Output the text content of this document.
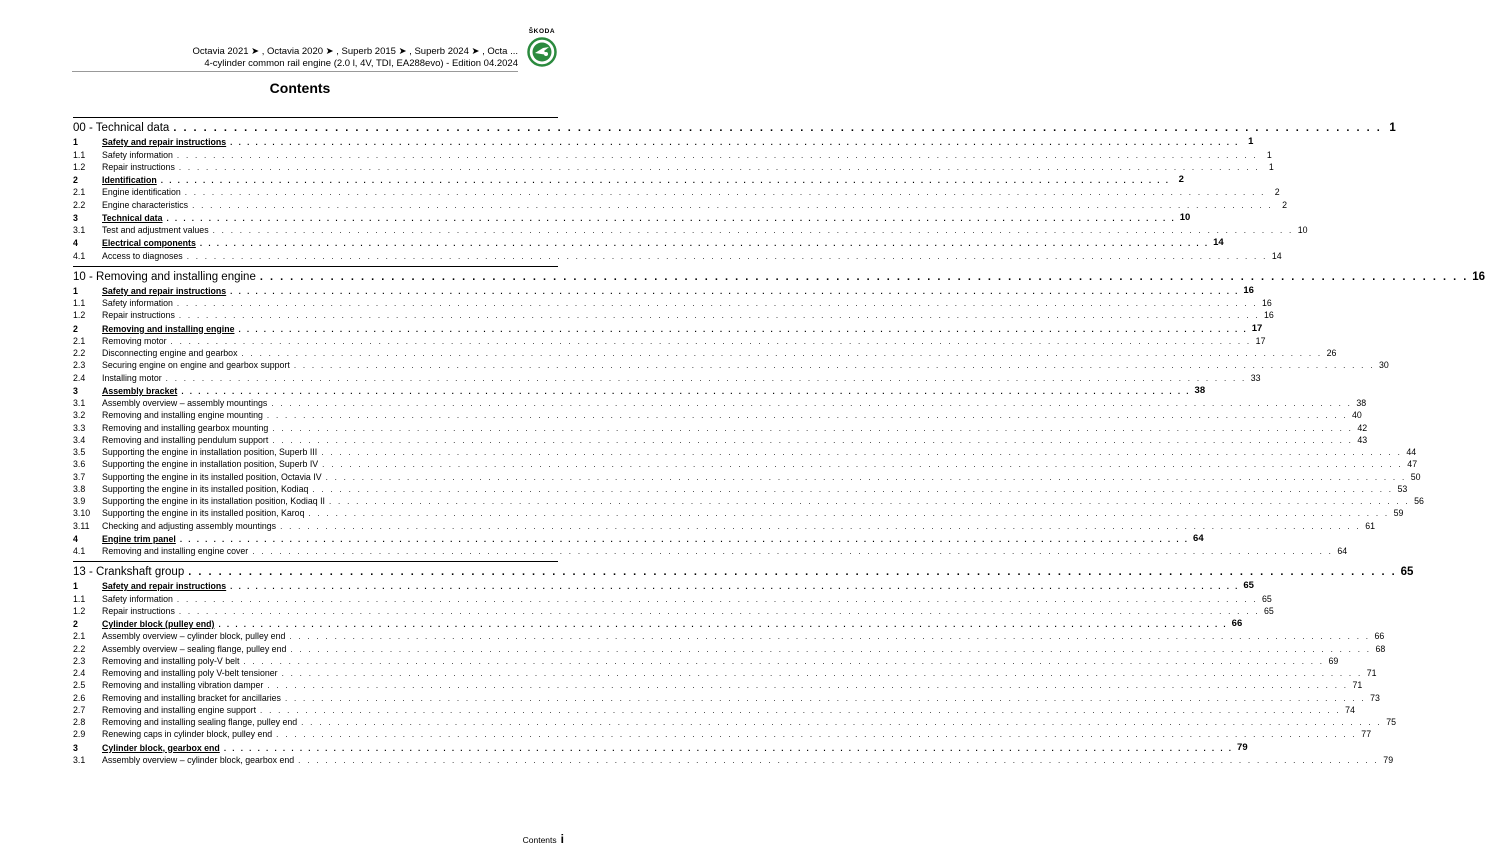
ŠKODA
Octavia 2021 ➤ , Octavia 2020 ➤ , Superb 2015 ➤ , Superb 2024 ➤ , Octa ...
4-cylinder common rail engine (2.0 l, 4V, TDI, EA288evo) - Edition 04.2024
Contents
00 - Technical data . . . . . . . . . . . . . . . . . . . . . . . . . . . . . . . . . . . . . . . . . . . . . . . . . . . . . . . . . . . . . . . . . . . . . . . . . . . . . . . . . . . . . . . . . . . . . . . . . . . . . . . . . . . . . . . . . . . . . . . . 1
1	Safety and repair instructions . . . . . . . . . . . . . . . . . . . . . . . . . . . . . . . . . . . . . . . . . . . . . . . . . . . . . . . . . . . . . . . . . . . . . . . . . . . . . . . . . . . . . . . . . . . . . . . . . . . . . . . . . . . . . . . . . . . . . . . . 1
1.1	Safety information . . . . . . . . . . . . . . . . . . . . . . . . . . . . . . . . . . . . . . . . . . . . . . . . . . . . . . . . . . . . . . . . . . . . . . . . . . . . . . . . . . . . . . . . . . . . . . . . . . . . . . . . . . . . . . . . . . . . . . . .	1
1.2	Repair instructions . . . . . . . . . . . . . . . . . . . . . . . . . . . . . . . . . . . . . . . . . . . . . . . . . . . . . . . . . . . . . . . . . . . . . . . . . . . . . . . . . . . . . . . . . . . . . . . . . . . . . . . . . . . . . . . . . . . . . . . .	1
2	Identification . . . . . . . . . . . . . . . . . . . . . . . . . . . . . . . . . . . . . . . . . . . . . . . . . . . . . . . . . . . . . . . . . . . . . . . . . . . . . . . . . . . . . . . . . . . . . . . . . . . . . . . . . . . . . . . . . . . . . . . . 2
2.1	Engine identification . . . . . . . . . . . . . . . . . . . . . . . . . . . . . . . . . . . . . . . . . . . . . . . . . . . . . . . . . . . . . . . . . . . . . . . . . . . . . . . . . . . . . . . . . . . . . . . . . . . . . . . . . . . . . . . . . . . . . . . .	2
2.2	Engine characteristics . . . . . . . . . . . . . . . . . . . . . . . . . . . . . . . . . . . . . . . . . . . . . . . . . . . . . . . . . . . . . . . . . . . . . . . . . . . . . . . . . . . . . . . . . . . . . . . . . . . . . . . . . . . . . . . . . . . . . . . .	2
3	Technical data . . . . . . . . . . . . . . . . . . . . . . . . . . . . . . . . . . . . . . . . . . . . . . . . . . . . . . . . . . . . . . . . . . . . . . . . . . . . . . . . . . . . . . . . . . . . . . . . . . . . . . . . . . . . . . . . . . . . . . . . 10
3.1	Test and adjustment values . . . . . . . . . . . . . . . . . . . . . . . . . . . . . . . . . . . . . . . . . . . . . . . . . . . . . . . . . . . . . . . . . . . . . . . . . . . . . . . . . . . . . . . . . . . . . . . . . . . . . . . . . . . . . . . . . . . . . . . . 10
4	Electrical components . . . . . . . . . . . . . . . . . . . . . . . . . . . . . . . . . . . . . . . . . . . . . . . . . . . . . . . . . . . . . . . . . . . . . . . . . . . . . . . . . . . . . . . . . . . . . . . . . . . . . . . . . . . . . . . . . . . . . . . . 14
4.1	Access to diagnoses . . . . . . . . . . . . . . . . . . . . . . . . . . . . . . . . . . . . . . . . . . . . . . . . . . . . . . . . . . . . . . . . . . . . . . . . . . . . . . . . . . . . . . . . . . . . . . . . . . . . . . . . . . . . . . . . . . . . . . . . 14
10 - Removing and installing engine . . . . . . . . . . . . . . . . . . . . . . . . . . . . . . . . . . . . . . . . . . . . . . . . . . . . . . . . . . . . . . . . . . . . . . . . . . . . . . . . . . . . . . . . . . . . . . . . . . . . . . . . . . . . . . . . . . . . . . . . 16
1	Safety and repair instructions . . . . . . . . . . . . . . . . . . . . . . . . . . . . . . . . . . . . . . . . . . . . . . . . . . . . . . . . . . . . . . . . . . . . . . . . . . . . . . . . . . . . . . . . . . . . . . . . . . . . . . . . . . . . . . . . . . . . . . . . 16
1.1	Safety information . . . . . . . . . . . . . . . . . . . . . . . . . . . . . . . . . . . . . . . . . . . . . . . . . . . . . . . . . . . . . . . . . . . . . . . . . . . . . . . . . . . . . . . . . . . . . . . . . . . . . . . . . . . . . . . . . . . . . . . . 16
1.2	Repair instructions . . . . . . . . . . . . . . . . . . . . . . . . . . . . . . . . . . . . . . . . . . . . . . . . . . . . . . . . . . . . . . . . . . . . . . . . . . . . . . . . . . . . . . . . . . . . . . . . . . . . . . . . . . . . . . . . . . . . . . . . 16
2	Removing and installing engine . . . . . . . . . . . . . . . . . . . . . . . . . . . . . . . . . . . . . . . . . . . . . . . . . . . . . . . . . . . . . . . . . . . . . . . . . . . . . . . . . . . . . . . . . . . . . . . . . . . . . . . . . . . . . . . . . . . . . . . . 17
2.1	Removing motor . . . . . . . . . . . . . . . . . . . . . . . . . . . . . . . . . . . . . . . . . . . . . . . . . . . . . . . . . . . . . . . . . . . . . . . . . . . . . . . . . . . . . . . . . . . . . . . . . . . . . . . . . . . . . . . . . . . . . . . . 17
2.2	Disconnecting engine and gearbox . . . . . . . . . . . . . . . . . . . . . . . . . . . . . . . . . . . . . . . . . . . . . . . . . . . . . . . . . . . . . . . . . . . . . . . . . . . . . . . . . . . . . . . . . . . . . . . . . . . . . . . . . . . . . . . . . . . . . . . . 26
2.3	Securing engine on engine and gearbox support . . . . . . . . . . . . . . . . . . . . . . . . . . . . . . . . . . . . . . . . . . . . . . . . . . . . . . . . . . . . . . . . . . . . . . . . . . . . . . . . . . . . . . . . . . . . . . . . . . . . . . . . . . . . . . . . . . . . . . . . 30
2.4	Installing motor . . . . . . . . . . . . . . . . . . . . . . . . . . . . . . . . . . . . . . . . . . . . . . . . . . . . . . . . . . . . . . . . . . . . . . . . . . . . . . . . . . . . . . . . . . . . . . . . . . . . . . . . . . . . . . . . . . . . . . . . 33
3	Assembly bracket . . . . . . . . . . . . . . . . . . . . . . . . . . . . . . . . . . . . . . . . . . . . . . . . . . . . . . . . . . . . . . . . . . . . . . . . . . . . . . . . . . . . . . . . . . . . . . . . . . . . . . . . . . . . . . . . . . . . . . . . 38
3.1	Assembly overview – assembly mountings . . . . . . . . . . . . . . . . . . . . . . . . . . . . . . . . . . . . . . . . . . . . . . . . . . . . . . . . . . . . . . . . . . . . . . . . . . . . . . . . . . . . . . . . . . . . . . . . . . . . . . . . . . . . . . . . . . . . . . . . 38
3.2	Removing and installing engine mounting . . . . . . . . . . . . . . . . . . . . . . . . . . . . . . . . . . . . . . . . . . . . . . . . . . . . . . . . . . . . . . . . . . . . . . . . . . . . . . . . . . . . . . . . . . . . . . . . . . . . . . . . . . . . . . . . . . . . . . . . 40
3.3	Removing and installing gearbox mounting . . . . . . . . . . . . . . . . . . . . . . . . . . . . . . . . . . . . . . . . . . . . . . . . . . . . . . . . . . . . . . . . . . . . . . . . . . . . . . . . . . . . . . . . . . . . . . . . . . . . . . . . . . . . . . . . . . . . . . . . 42
3.4	Removing and installing pendulum support . . . . . . . . . . . . . . . . . . . . . . . . . . . . . . . . . . . . . . . . . . . . . . . . . . . . . . . . . . . . . . . . . . . . . . . . . . . . . . . . . . . . . . . . . . . . . . . . . . . . . . . . . . . . . . . . . . . . . . . . 43
3.5	Supporting the engine in installation position, Superb III . . . . . . . . . . . . . . . . . . . . . . . . . . . . . . . . . . . . . . . . . . . . . . . . . . . . . . . . . . . . . . . . . . . . . . . . . . . . . . . . . . . . . . . . . . . . . . . . . . . . . . . . . . . . . . . . . . . . . . . . 44
3.6	Supporting the engine in installation position, Superb IV . . . . . . . . . . . . . . . . . . . . . . . . . . . . . . . . . . . . . . . . . . . . . . . . . . . . . . . . . . . . . . . . . . . . . . . . . . . . . . . . . . . . . . . . . . . . . . . . . . . . . . . . . . . . . . . . . . . . . . . . 47
3.7	Supporting the engine in its installed position, Octavia IV . . . . . . . . . . . . . . . . . . . . . . . . . . . . . . . . . . . . . . . . . . . . . . . . . . . . . . . . . . . . . . . . . . . . . . . . . . . . . . . . . . . . . . . . . . . . . . . . . . . . . . . . . . . . . . . . . . . . . . . . 50
3.8	Supporting the engine in its installed position, Kodiaq . . . . . . . . . . . . . . . . . . . . . . . . . . . . . . . . . . . . . . . . . . . . . . . . . . . . . . . . . . . . . . . . . . . . . . . . . . . . . . . . . . . . . . . . . . . . . . . . . . . . . . . . . . . . . . . . . . . . . . . . 53
3.9	Supporting the engine in its installation position, Kodiaq II . . . . . . . . . . . . . . . . . . . . . . . . . . . . . . . . . . . . . . . . . . . . . . . . . . . . . . . . . . . . . . . . . . . . . . . . . . . . . . . . . . . . . . . . . . . . . . . . . . . . . . . . . . . . . . . . . . . . . . . . 56
3.10	Supporting the engine in its installed position, Karoq . . . . . . . . . . . . . . . . . . . . . . . . . . . . . . . . . . . . . . . . . . . . . . . . . . . . . . . . . . . . . . . . . . . . . . . . . . . . . . . . . . . . . . . . . . . . . . . . . . . . . . . . . . . . . . . . . . . . . . . . 59
3.11	Checking and adjusting assembly mountings . . . . . . . . . . . . . . . . . . . . . . . . . . . . . . . . . . . . . . . . . . . . . . . . . . . . . . . . . . . . . . . . . . . . . . . . . . . . . . . . . . . . . . . . . . . . . . . . . . . . . . . . . . . . . . . . . . . . . . . . 61
4	Engine trim panel . . . . . . . . . . . . . . . . . . . . . . . . . . . . . . . . . . . . . . . . . . . . . . . . . . . . . . . . . . . . . . . . . . . . . . . . . . . . . . . . . . . . . . . . . . . . . . . . . . . . . . . . . . . . . . . . . . . . . . . . 64
4.1	Removing and installing engine cover . . . . . . . . . . . . . . . . . . . . . . . . . . . . . . . . . . . . . . . . . . . . . . . . . . . . . . . . . . . . . . . . . . . . . . . . . . . . . . . . . . . . . . . . . . . . . . . . . . . . . . . . . . . . . . . . . . . . . . . . 64
13 - Crankshaft group . . . . . . . . . . . . . . . . . . . . . . . . . . . . . . . . . . . . . . . . . . . . . . . . . . . . . . . . . . . . . . . . . . . . . . . . . . . . . . . . . . . . . . . . . . . . . . . . . . . . . . . . . . . . . . . . . . . . . . . . 65
1	Safety and repair instructions . . . . . . . . . . . . . . . . . . . . . . . . . . . . . . . . . . . . . . . . . . . . . . . . . . . . . . . . . . . . . . . . . . . . . . . . . . . . . . . . . . . . . . . . . . . . . . . . . . . . . . . . . . . . . . . . . . . . . . . . 65
1.1	Safety information . . . . . . . . . . . . . . . . . . . . . . . . . . . . . . . . . . . . . . . . . . . . . . . . . . . . . . . . . . . . . . . . . . . . . . . . . . . . . . . . . . . . . . . . . . . . . . . . . . . . . . . . . . . . . . . . . . . . . . . . 65
1.2	Repair instructions . . . . . . . . . . . . . . . . . . . . . . . . . . . . . . . . . . . . . . . . . . . . . . . . . . . . . . . . . . . . . . . . . . . . . . . . . . . . . . . . . . . . . . . . . . . . . . . . . . . . . . . . . . . . . . . . . . . . . . . . 65
2	Cylinder block (pulley end) . . . . . . . . . . . . . . . . . . . . . . . . . . . . . . . . . . . . . . . . . . . . . . . . . . . . . . . . . . . . . . . . . . . . . . . . . . . . . . . . . . . . . . . . . . . . . . . . . . . . . . . . . . . . . . . . . . . . . . . . 66
2.1	Assembly overview – cylinder block, pulley end . . . . . . . . . . . . . . . . . . . . . . . . . . . . . . . . . . . . . . . . . . . . . . . . . . . . . . . . . . . . . . . . . . . . . . . . . . . . . . . . . . . . . . . . . . . . . . . . . . . . . . . . . . . . . . . . . . . . . . . . 66
2.2	Assembly overview – sealing flange, pulley end . . . . . . . . . . . . . . . . . . . . . . . . . . . . . . . . . . . . . . . . . . . . . . . . . . . . . . . . . . . . . . . . . . . . . . . . . . . . . . . . . . . . . . . . . . . . . . . . . . . . . . . . . . . . . . . . . . . . . . . . 68
2.3	Removing and installing poly-V belt . . . . . . . . . . . . . . . . . . . . . . . . . . . . . . . . . . . . . . . . . . . . . . . . . . . . . . . . . . . . . . . . . . . . . . . . . . . . . . . . . . . . . . . . . . . . . . . . . . . . . . . . . . . . . . . . . . . . . . . . 69
2.4	Removing and installing poly V-belt tensioner . . . . . . . . . . . . . . . . . . . . . . . . . . . . . . . . . . . . . . . . . . . . . . . . . . . . . . . . . . . . . . . . . . . . . . . . . . . . . . . . . . . . . . . . . . . . . . . . . . . . . . . . . . . . . . . . . . . . . . . . 71
2.5	Removing and installing vibration damper . . . . . . . . . . . . . . . . . . . . . . . . . . . . . . . . . . . . . . . . . . . . . . . . . . . . . . . . . . . . . . . . . . . . . . . . . . . . . . . . . . . . . . . . . . . . . . . . . . . . . . . . . . . . . . . . . . . . . . . . 71
2.6	Removing and installing bracket for ancillaries . . . . . . . . . . . . . . . . . . . . . . . . . . . . . . . . . . . . . . . . . . . . . . . . . . . . . . . . . . . . . . . . . . . . . . . . . . . . . . . . . . . . . . . . . . . . . . . . . . . . . . . . . . . . . . . . . . . . . . . . 73
2.7	Removing and installing engine support . . . . . . . . . . . . . . . . . . . . . . . . . . . . . . . . . . . . . . . . . . . . . . . . . . . . . . . . . . . . . . . . . . . . . . . . . . . . . . . . . . . . . . . . . . . . . . . . . . . . . . . . . . . . . . . . . . . . . . . . 74
2.8	Removing and installing sealing flange, pulley end . . . . . . . . . . . . . . . . . . . . . . . . . . . . . . . . . . . . . . . . . . . . . . . . . . . . . . . . . . . . . . . . . . . . . . . . . . . . . . . . . . . . . . . . . . . . . . . . . . . . . . . . . . . . . . . . . . . . . . . . 75
2.9	Renewing caps in cylinder block, pulley end . . . . . . . . . . . . . . . . . . . . . . . . . . . . . . . . . . . . . . . . . . . . . . . . . . . . . . . . . . . . . . . . . . . . . . . . . . . . . . . . . . . . . . . . . . . . . . . . . . . . . . . . . . . . . . . . . . . . . . . . 77
3	Cylinder block, gearbox end . . . . . . . . . . . . . . . . . . . . . . . . . . . . . . . . . . . . . . . . . . . . . . . . . . . . . . . . . . . . . . . . . . . . . . . . . . . . . . . . . . . . . . . . . . . . . . . . . . . . . . . . . . . . . . . . . . . . . . . . 79
3.1	Assembly overview – cylinder block, gearbox end . . . . . . . . . . . . . . . . . . . . . . . . . . . . . . . . . . . . . . . . . . . . . . . . . . . . . . . . . . . . . . . . . . . . . . . . . . . . . . . . . . . . . . . . . . . . . . . . . . . . . . . . . . . . . . . . . . . . . . . . 79
Contents i
